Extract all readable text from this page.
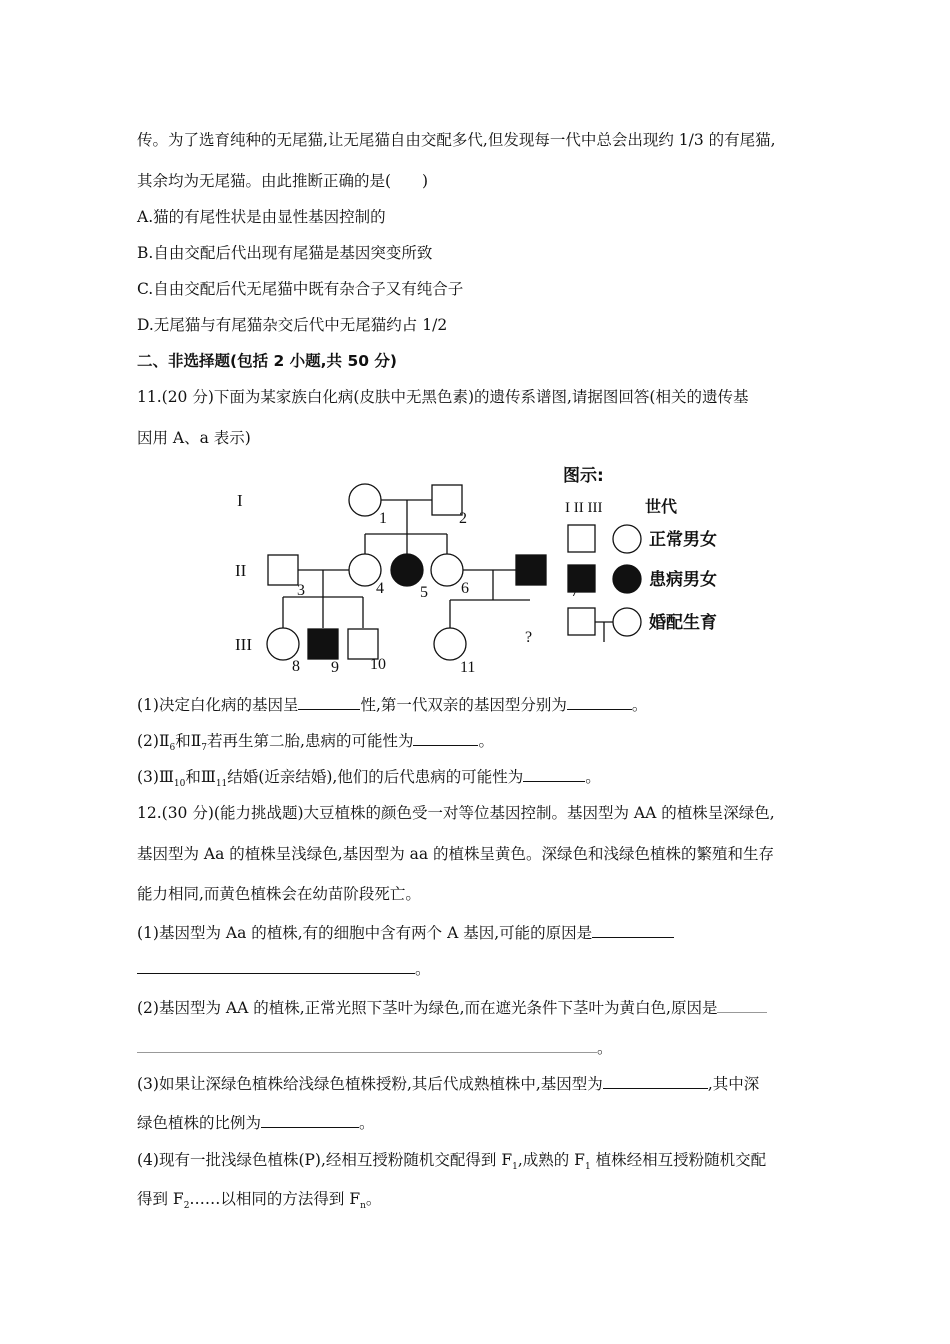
传。为了选育纯种的无尾猫,让无尾猫自由交配多代,但发现每一代中总会出现约 1/3 的有尾猫,
其余均为无尾猫。由此推断正确的是(　　)
A.猫的有尾性状是由显性基因控制的
B.自由交配后代出现有尾猫是基因突变所致
C.自由交配后代无尾猫中既有杂合子又有纯合子
D.无尾猫与有尾猫杂交后代中无尾猫约占 1/2
二、非选择题(包括 2 小题,共 50 分)
11.(20 分)下面为某家族白化病(皮肤中无黑色素)的遗传系谱图,请据图回答(相关的遗传基
因用 A、a 表示)
I
II
III
1	2
3	4 5 6
8 9 10	11
?
图示:
I II III	世代
正常男女
患病男女
婚配生育
(1)决定白化病的基因呈	性,第一代双亲的基因型分别为	。
$(2)Ⅱ_6$和$Ⅱ_7$若再生第二胎,患病的可能性为	。
$(3)Ⅲ_{10}$和$Ⅲ_{11}$结婚(近亲结婚),他们的后代患病的可能性为	。
12.(30 分)(能力挑战题)大豆植株的颜色受一对等位基因控制。基因型为 AA 的植株呈深绿色,
基因型为 Aa 的植株呈浅绿色,基因型为 aa 的植株呈黄色。深绿色和浅绿色植株的繁殖和生存
能力相同,而黄色植株会在幼苗阶段死亡。
(1)基因型为 Aa 的植株,有的细胞中含有两个 A 基因,可能的原因是
。
(2)基因型为 AA 的植株,正常光照下茎叶为绿色,而在遮光条件下茎叶为黄白色,原因是
。
(3)如果让深绿色植株给浅绿色植株授粉,其后代成熟植株中,基因型为	,其中深
绿色植株的比例为	。
(4)现有一批浅绿色植株(P),经相互授粉随机交配得到 $F_1$,成熟的 $F_1$ 植株经相互授粉随机交配
得到 $F_2\dots\dots$以相同的方法得到 $F_n$。
